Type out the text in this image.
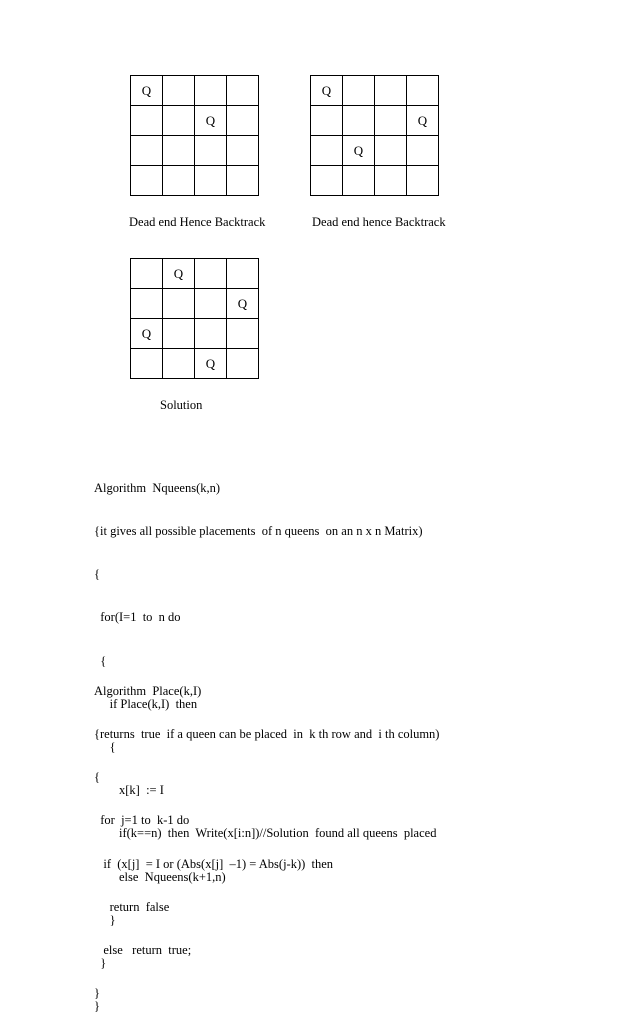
Q			
		Q	

Dead end Hence Backtrack
Q			
			Q
	Q		

Dead end hence Backtrack
	Q		
			Q
Q			
		Q	
Solution

Algorithm  Nqueens(k,n)

{it gives all possible placements  of n queens  on an n x n Matrix)

{

for(I=1  to  n do

{

if Place(k,I)  then

{

x[k]  := I

if(k==n)  then  Write(x[i:n])//Solution  found all queens  placed

else  Nqueens(k+1,n)

}

}

}

Algorithm  Place(k,I)

{returns  true  if a queen can be placed  in  k th row and  i th column)

{

for  j=1 to  k-1 do

if  (x[j]  = I or (Abs(x[j]  –1) = Abs(j-k))  then

return  false

else   return  true;

}
